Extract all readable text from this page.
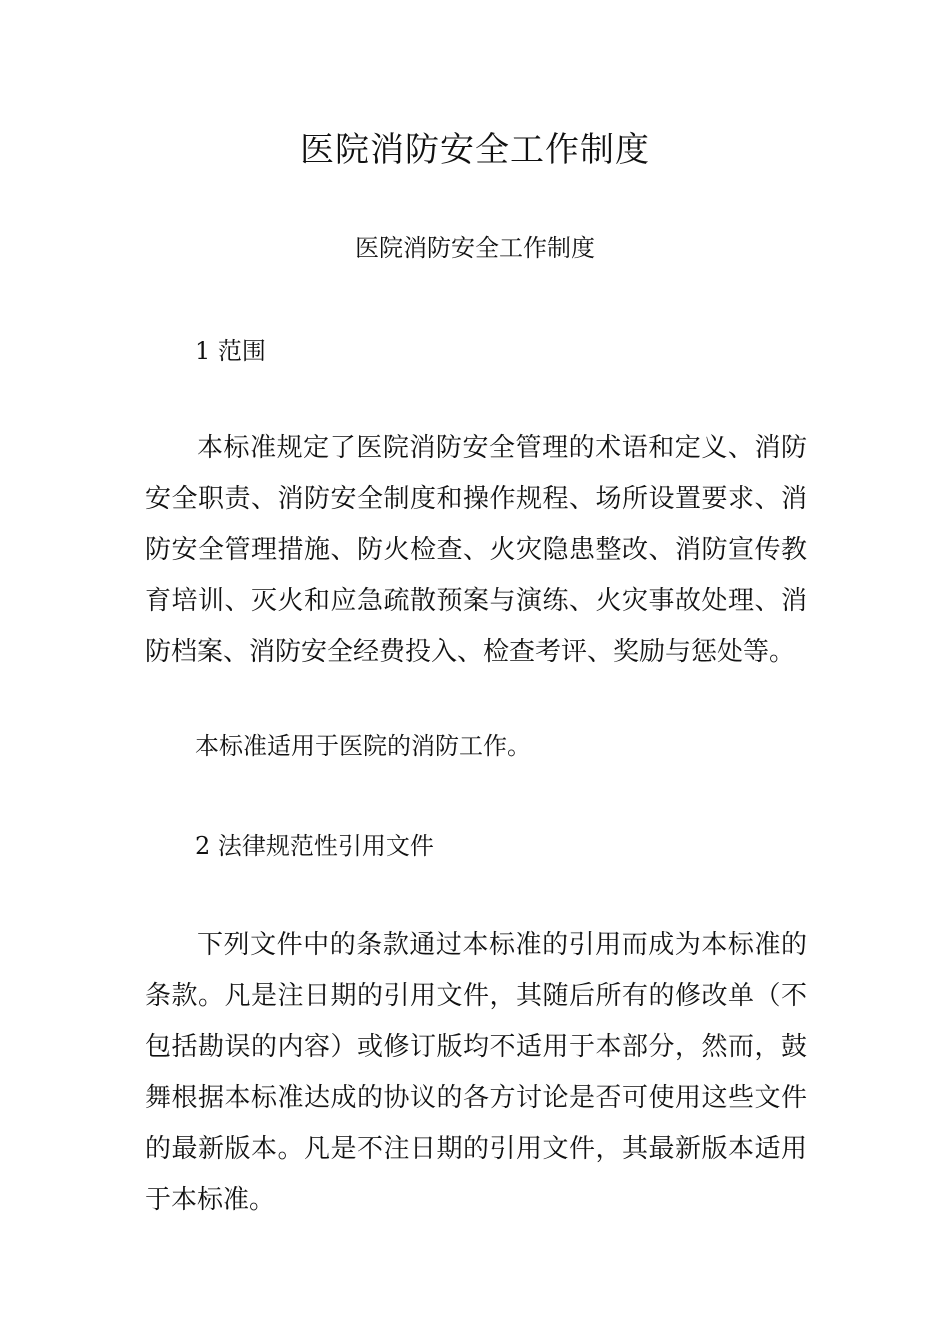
医院消防安全工作制度

医院消防安全工作制度

1 范围

本标准规定了医院消防安全管理的术语和定义、消防安全职责、消防安全制度和操作规程、场所设置要求、消防安全管理措施、防火检查、火灾隐患整改、消防宣传教育培训、灭火和应急疏散预案与演练、火灾事故处理、消防档案、消防安全经费投入、检查考评、奖励与惩处等。

本标准适用于医院的消防工作。

2 法律规范性引用文件

下列文件中的条款通过本标准的引用而成为本标准的条款。凡是注日期的引用文件，其随后所有的修改单（不包括勘误的内容）或修订版均不适用于本部分，然而，鼓舞根据本标准达成的协议的各方讨论是否可使用这些文件的最新版本。凡是不注日期的引用文件，其最新版本适用于本标准。
